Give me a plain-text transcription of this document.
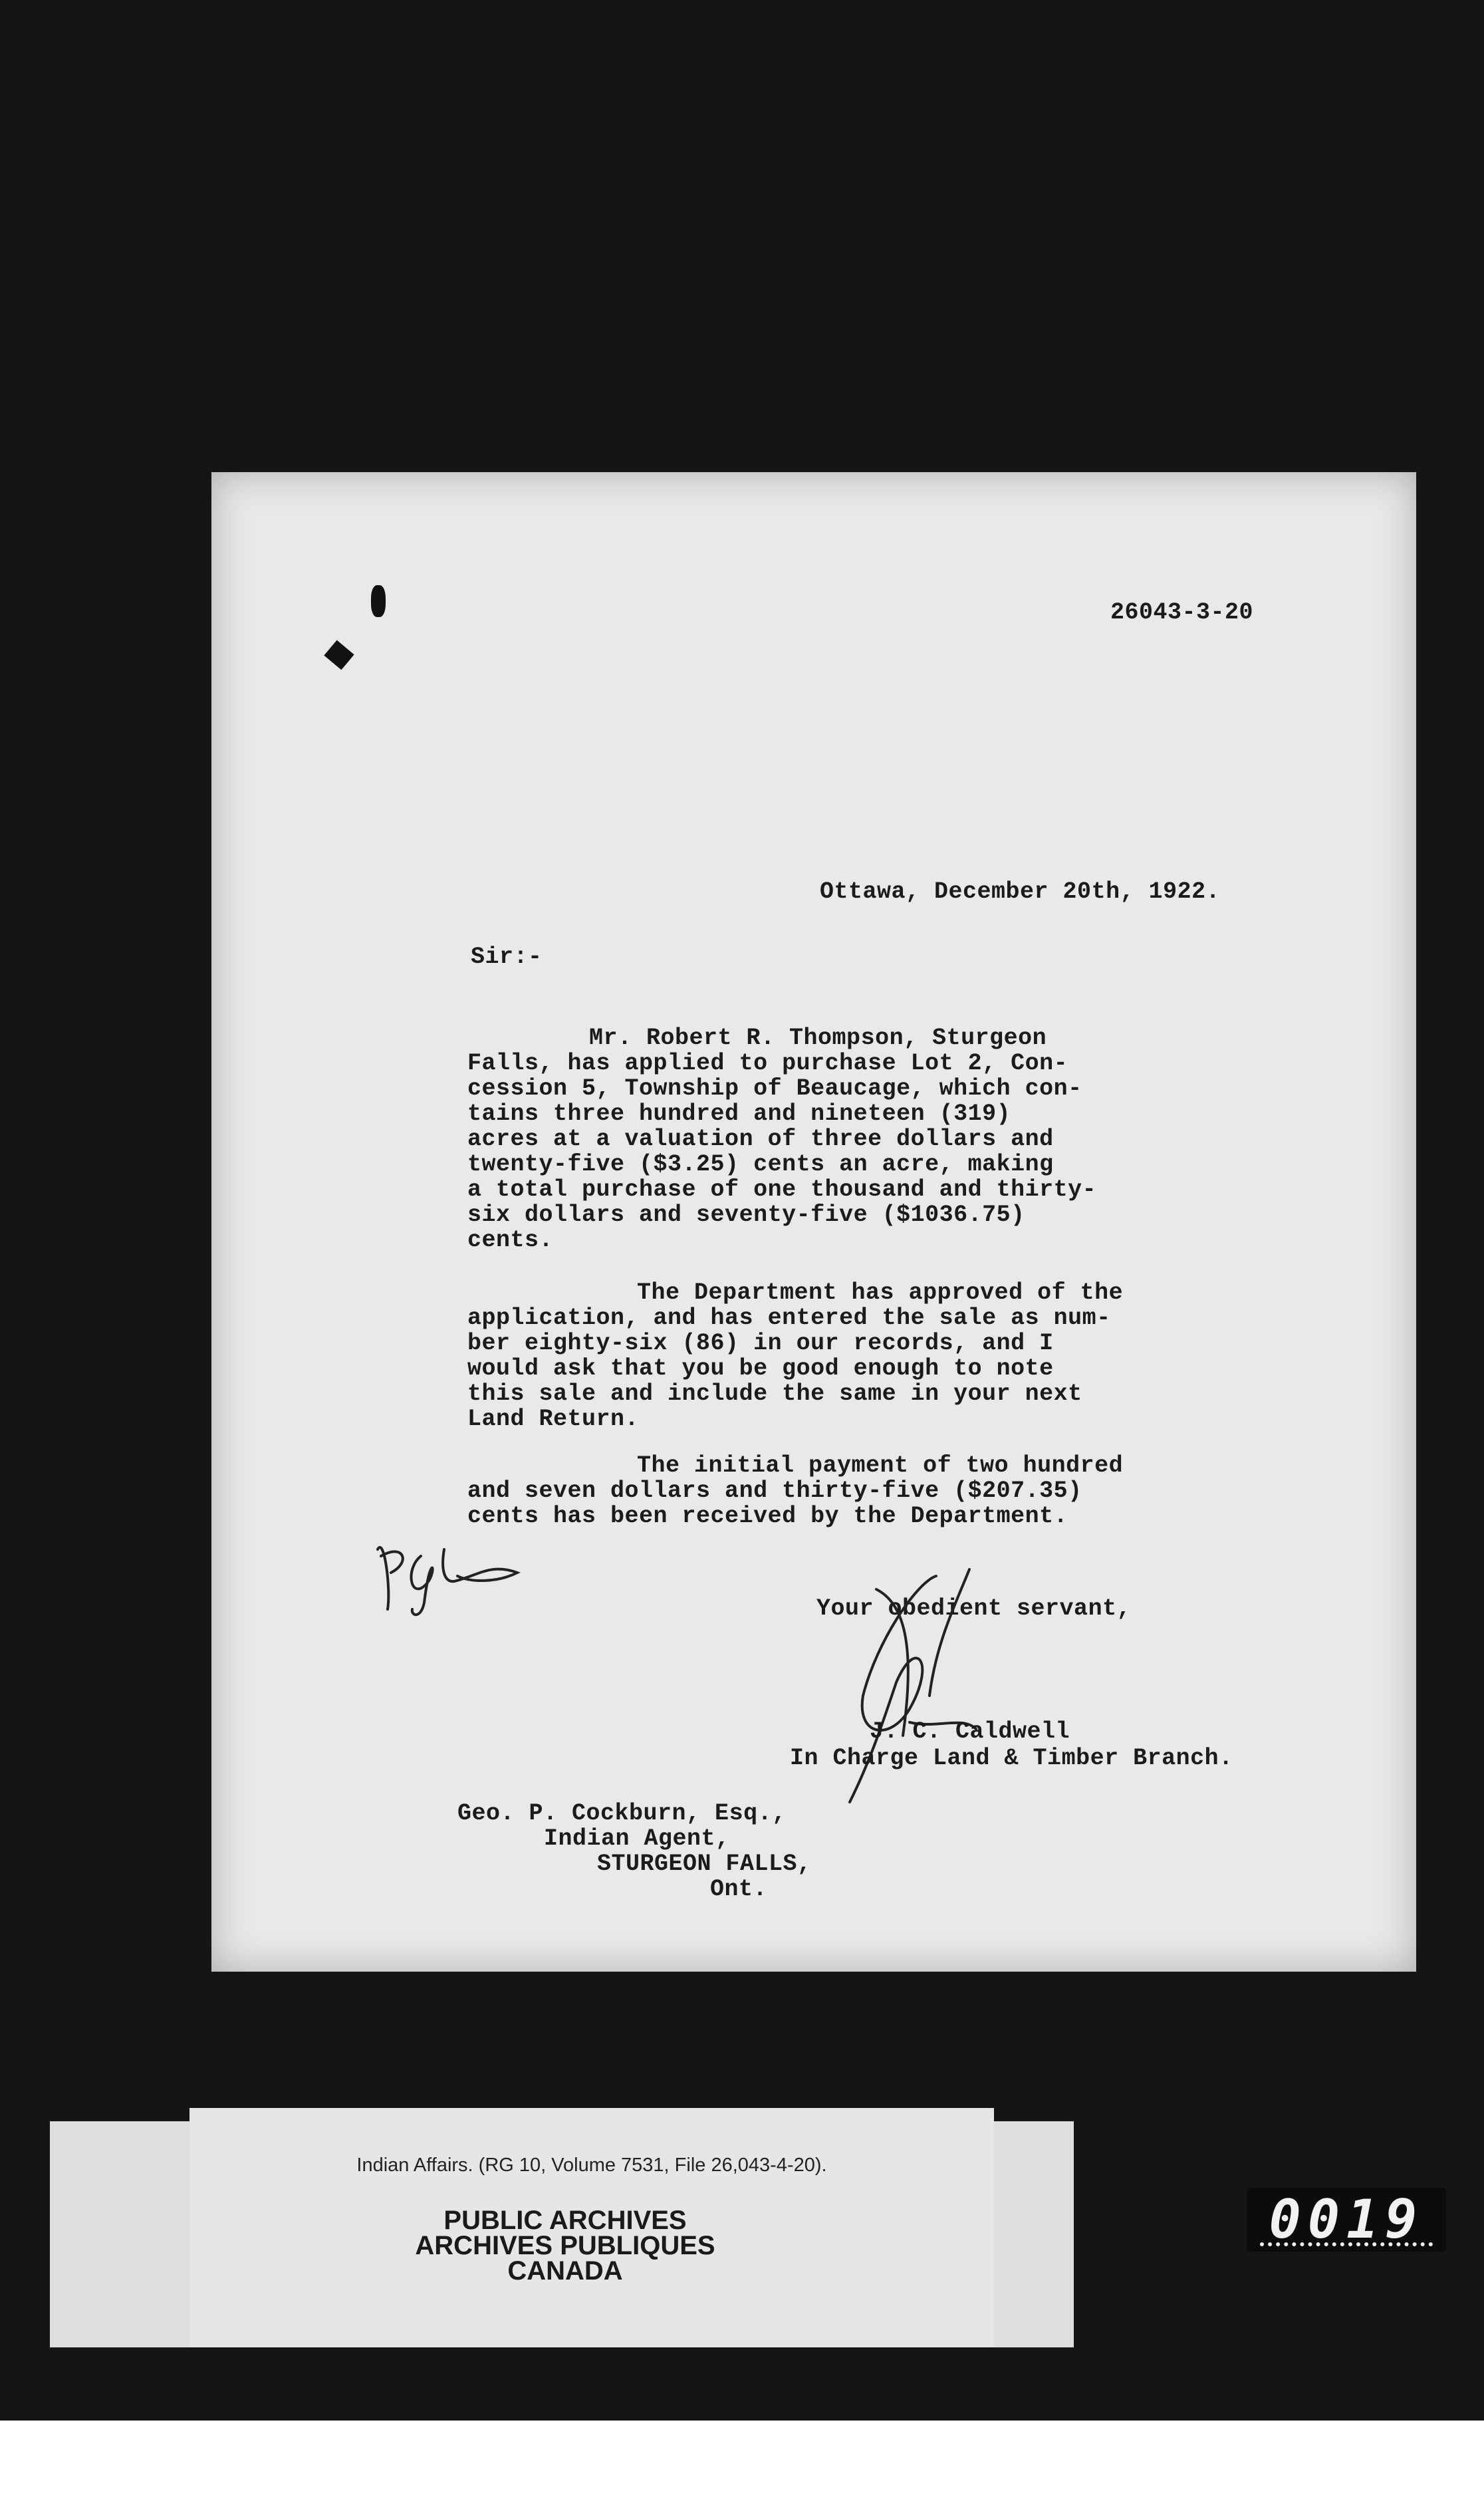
26043-3-20
Ottawa, December 20th, 1922.
Sir:-
Mr. Robert R. Thompson, Sturgeon
Falls, has applied to purchase Lot 2, Con-
cession 5, Township of Beaucage, which con-
tains three hundred and nineteen (319)
acres at a valuation of three dollars and
twenty-five ($3.25) cents an acre, making
a total purchase of one thousand and thirty-
six dollars and seventy-five ($1036.75)
cents.
The Department has approved of the
application, and has entered the sale as num-
ber eighty-six (86) in our records, and I
would ask that you be good enough to note
this sale and include the same in your next
Land Return.
The initial payment of two hundred
and seven dollars and thirty-five ($207.35)
cents has been received by the Department.
Your obedient servant,
J. C. Caldwell
In Charge Land & Timber Branch.
Geo. P. Cockburn, Esq.,
Indian Agent,
STURGEON FALLS,
Ont.
Indian Affairs. (RG 10, Volume 7531, File 26,043-4-20).
PUBLIC ARCHIVES
ARCHIVES PUBLIQUES
CANADA
0019
